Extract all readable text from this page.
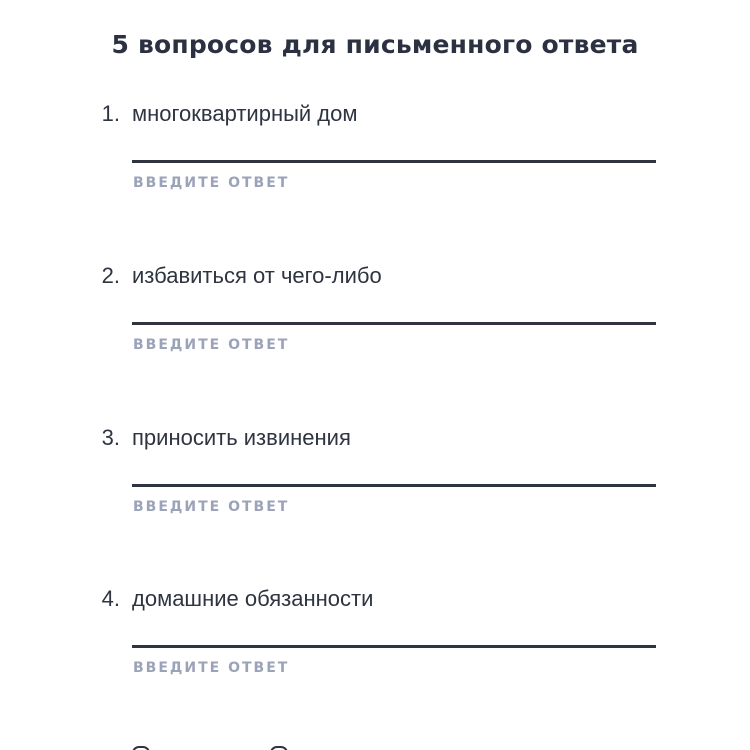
5 вопросов для письменного ответа
1. многоквартирный дом
ВВЕДИТЕ ОТВЕТ
2. избавиться от чего-либо
ВВЕДИТЕ ОТВЕТ
3. приносить извинения
ВВЕДИТЕ ОТВЕТ
4. домашние обязанности
ВВЕДИТЕ ОТВЕТ
